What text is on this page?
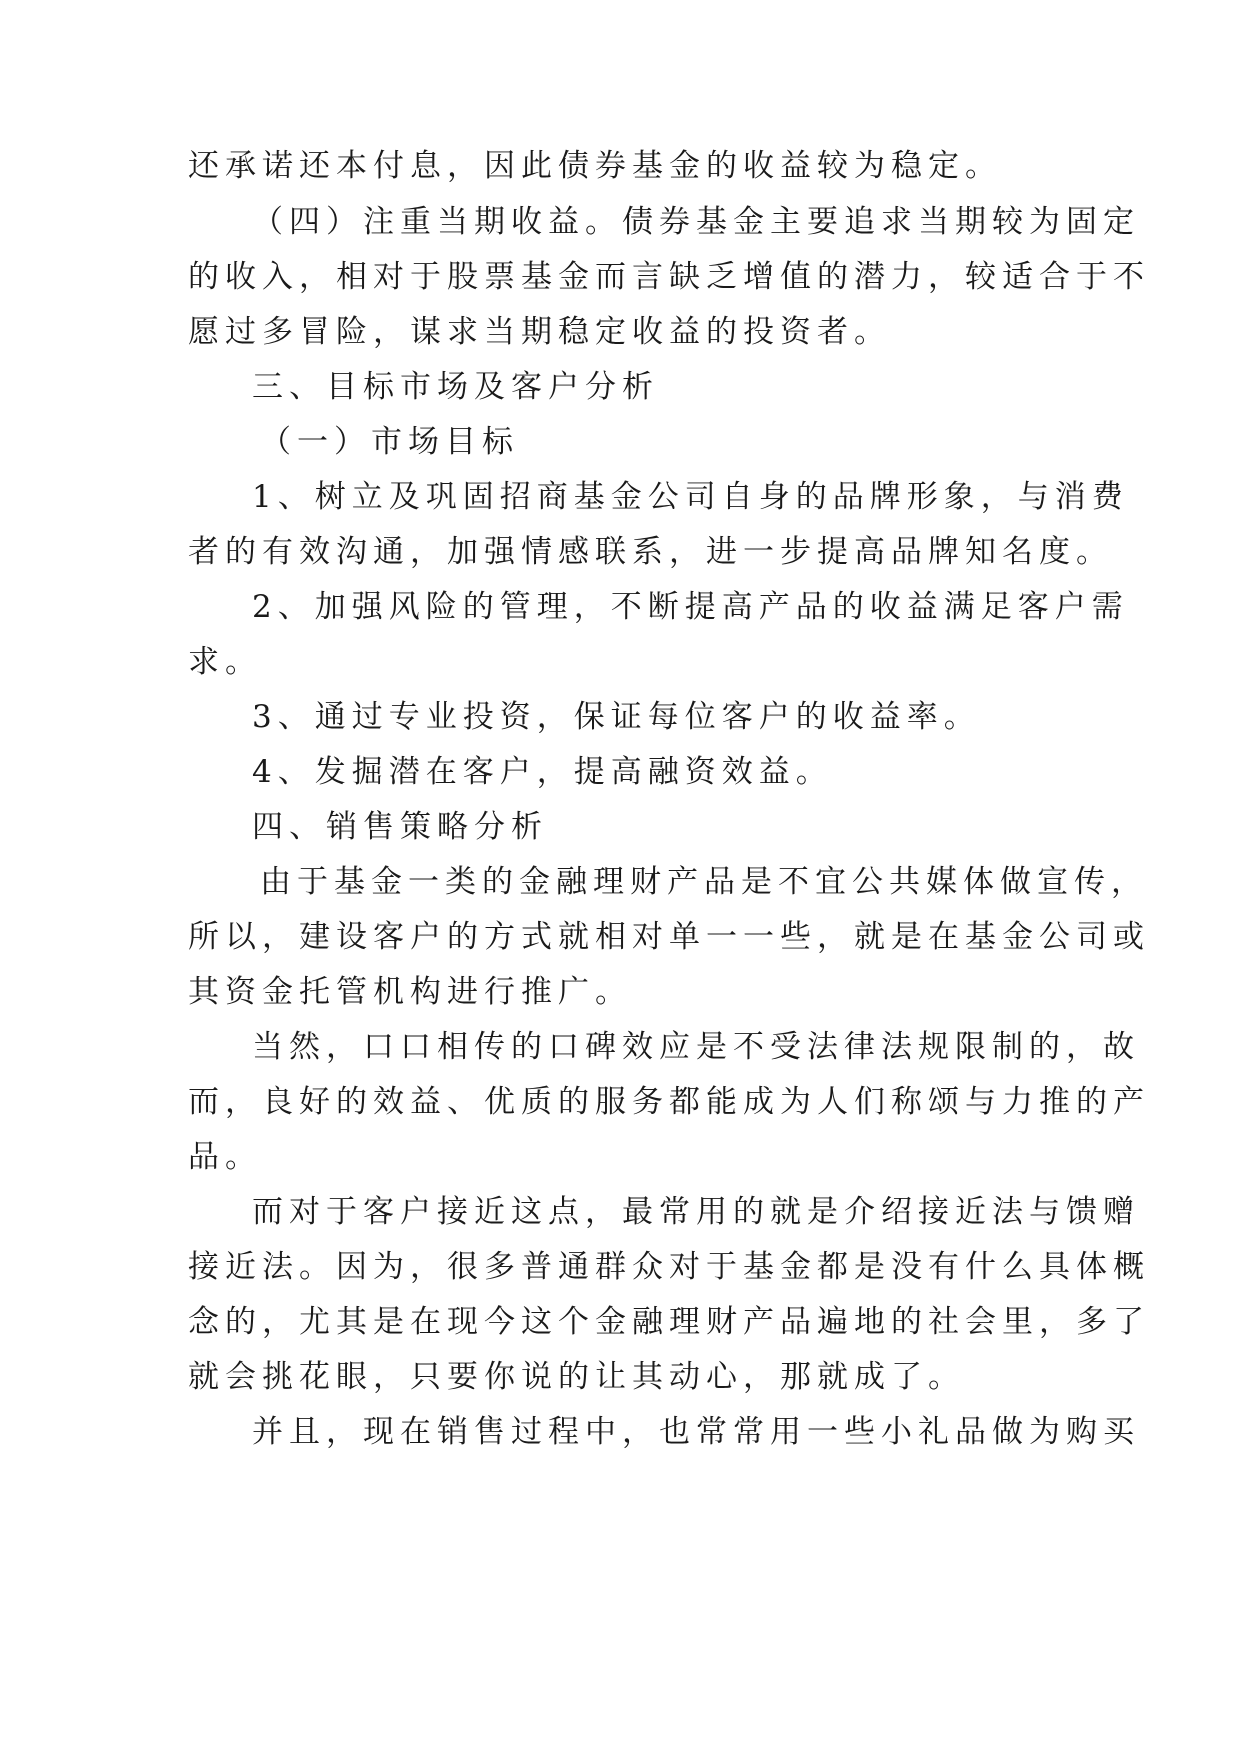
还承诺还本付息，因此债券基金的收益较为稳定。
（四）注重当期收益。债券基金主要追求当期较为固定
的收入，相对于股票基金而言缺乏增值的潜力，较适合于不
愿过多冒险，谋求当期稳定收益的投资者。
三、目标市场及客户分析
（一）市场目标
1、树立及巩固招商基金公司自身的品牌形象，与消费
者的有效沟通，加强情感联系，进一步提高品牌知名度。
2、加强风险的管理，不断提高产品的收益满足客户需
求。
3、通过专业投资，保证每位客户的收益率。
4、发掘潜在客户，提高融资效益。
四、销售策略分析
由于基金一类的金融理财产品是不宜公共媒体做宣传，
所以，建设客户的方式就相对单一一些，就是在基金公司或
其资金托管机构进行推广。
当然，口口相传的口碑效应是不受法律法规限制的，故
而，良好的效益、优质的服务都能成为人们称颂与力推的产
品。
而对于客户接近这点，最常用的就是介绍接近法与馈赠
接近法。因为，很多普通群众对于基金都是没有什么具体概
念的，尤其是在现今这个金融理财产品遍地的社会里，多了
就会挑花眼，只要你说的让其动心，那就成了。
并且，现在销售过程中，也常常用一些小礼品做为购买
